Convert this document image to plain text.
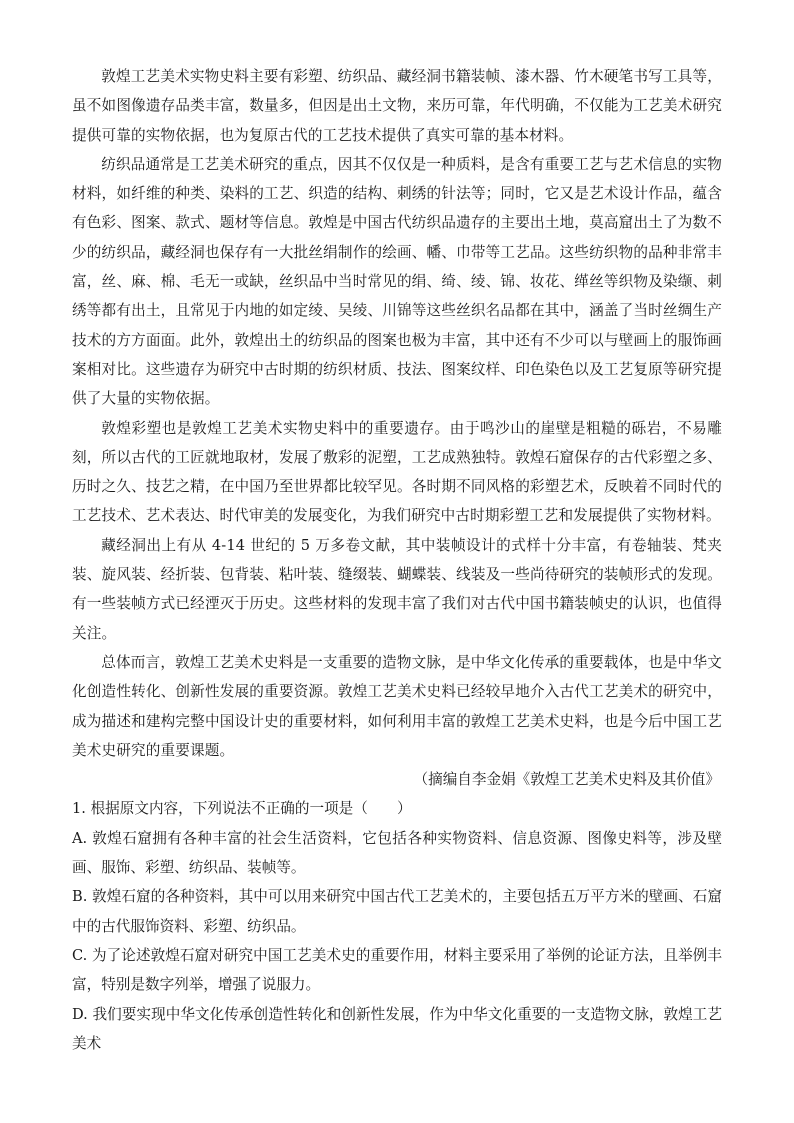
敦煌工艺美术实物史料主要有彩塑、纺织品、藏经洞书籍装帧、漆木器、竹木硬笔书写工具等，虽不如图像遗存品类丰富，数量多，但因是出土文物，来历可靠，年代明确，不仅能为工艺美术研究提供可靠的实物依据，也为复原古代的工艺技术提供了真实可靠的基本材料。

纺织品通常是工艺美术研究的重点，因其不仅仅是一种质料，是含有重要工艺与艺术信息的实物材料，如纤维的种类、染料的工艺、织造的结构、刺绣的针法等；同时，它又是艺术设计作品，蕴含有色彩、图案、款式、题材等信息。敦煌是中国古代纺织品遗存的主要出土地，莫高窟出土了为数不少的纺织品，藏经洞也保存有一大批丝绢制作的绘画、幡、巾带等工艺品。这些纺织物的品种非常丰富，丝、麻、棉、毛无一或缺，丝织品中当时常见的绢、绮、绫、锦、妆花、缂丝等织物及染缬、刺绣等都有出土，且常见于内地的如定绫、吴绫、川锦等这些丝织名品都在其中，涵盖了当时丝绸生产技术的方方面面。此外，敦煌出土的纺织品的图案也极为丰富，其中还有不少可以与壁画上的服饰画案相对比。这些遗存为研究中古时期的纺织材质、技法、图案纹样、印色染色以及工艺复原等研究提供了大量的实物依据。

敦煌彩塑也是敦煌工艺美术实物史料中的重要遗存。由于鸣沙山的崖壁是粗糙的砾岩，不易雕刻，所以古代的工匠就地取材，发展了敷彩的泥塑，工艺成熟独特。敦煌石窟保存的古代彩塑之多、历时之久、技艺之精，在中国乃至世界都比较罕见。各时期不同风格的彩塑艺术，反映着不同时代的工艺技术、艺术表达、时代审美的发展变化，为我们研究中古时期彩塑工艺和发展提供了实物材料。

藏经洞出上有从 4-14 世纪的 5 万多卷文献，其中装帧设计的式样十分丰富，有卷轴装、梵夹装、旋风装、经折装、包背装、粘叶装、缝缀装、蝴蝶装、线装及一些尚待研究的装帧形式的发现。有一些装帧方式已经湮灭于历史。这些材料的发现丰富了我们对古代中国书籍装帧史的认识，也值得关注。

总体而言，敦煌工艺美术史料是一支重要的造物文脉，是中华文化传承的重要载体，也是中华文化创造性转化、创新性发展的重要资源。敦煌工艺美术史料已经较早地介入古代工艺美术的研究中，成为描述和建构完整中国设计史的重要材料，如何利用丰富的敦煌工艺美术史料，也是今后中国工艺美术史研究的重要课题。

（摘编自李金娟《敦煌工艺美术史料及其价值》

1. 根据原文内容，下列说法不正确的一项是（　　）

A. 敦煌石窟拥有各种丰富的社会生活资料，它包括各种实物资料、信息资源、图像史料等，涉及壁画、服饰、彩塑、纺织品、装帧等。

B. 敦煌石窟的各种资料，其中可以用来研究中国古代工艺美术的，主要包括五万平方米的壁画、石窟中的古代服饰资料、彩塑、纺织品。

C. 为了论述敦煌石窟对研究中国工艺美术史的重要作用，材料主要采用了举例的论证方法，且举例丰富，特别是数字列举，增强了说服力。

D. 我们要实现中华文化传承创造性转化和创新性发展，作为中华文化重要的一支造物文脉，敦煌工艺美术
